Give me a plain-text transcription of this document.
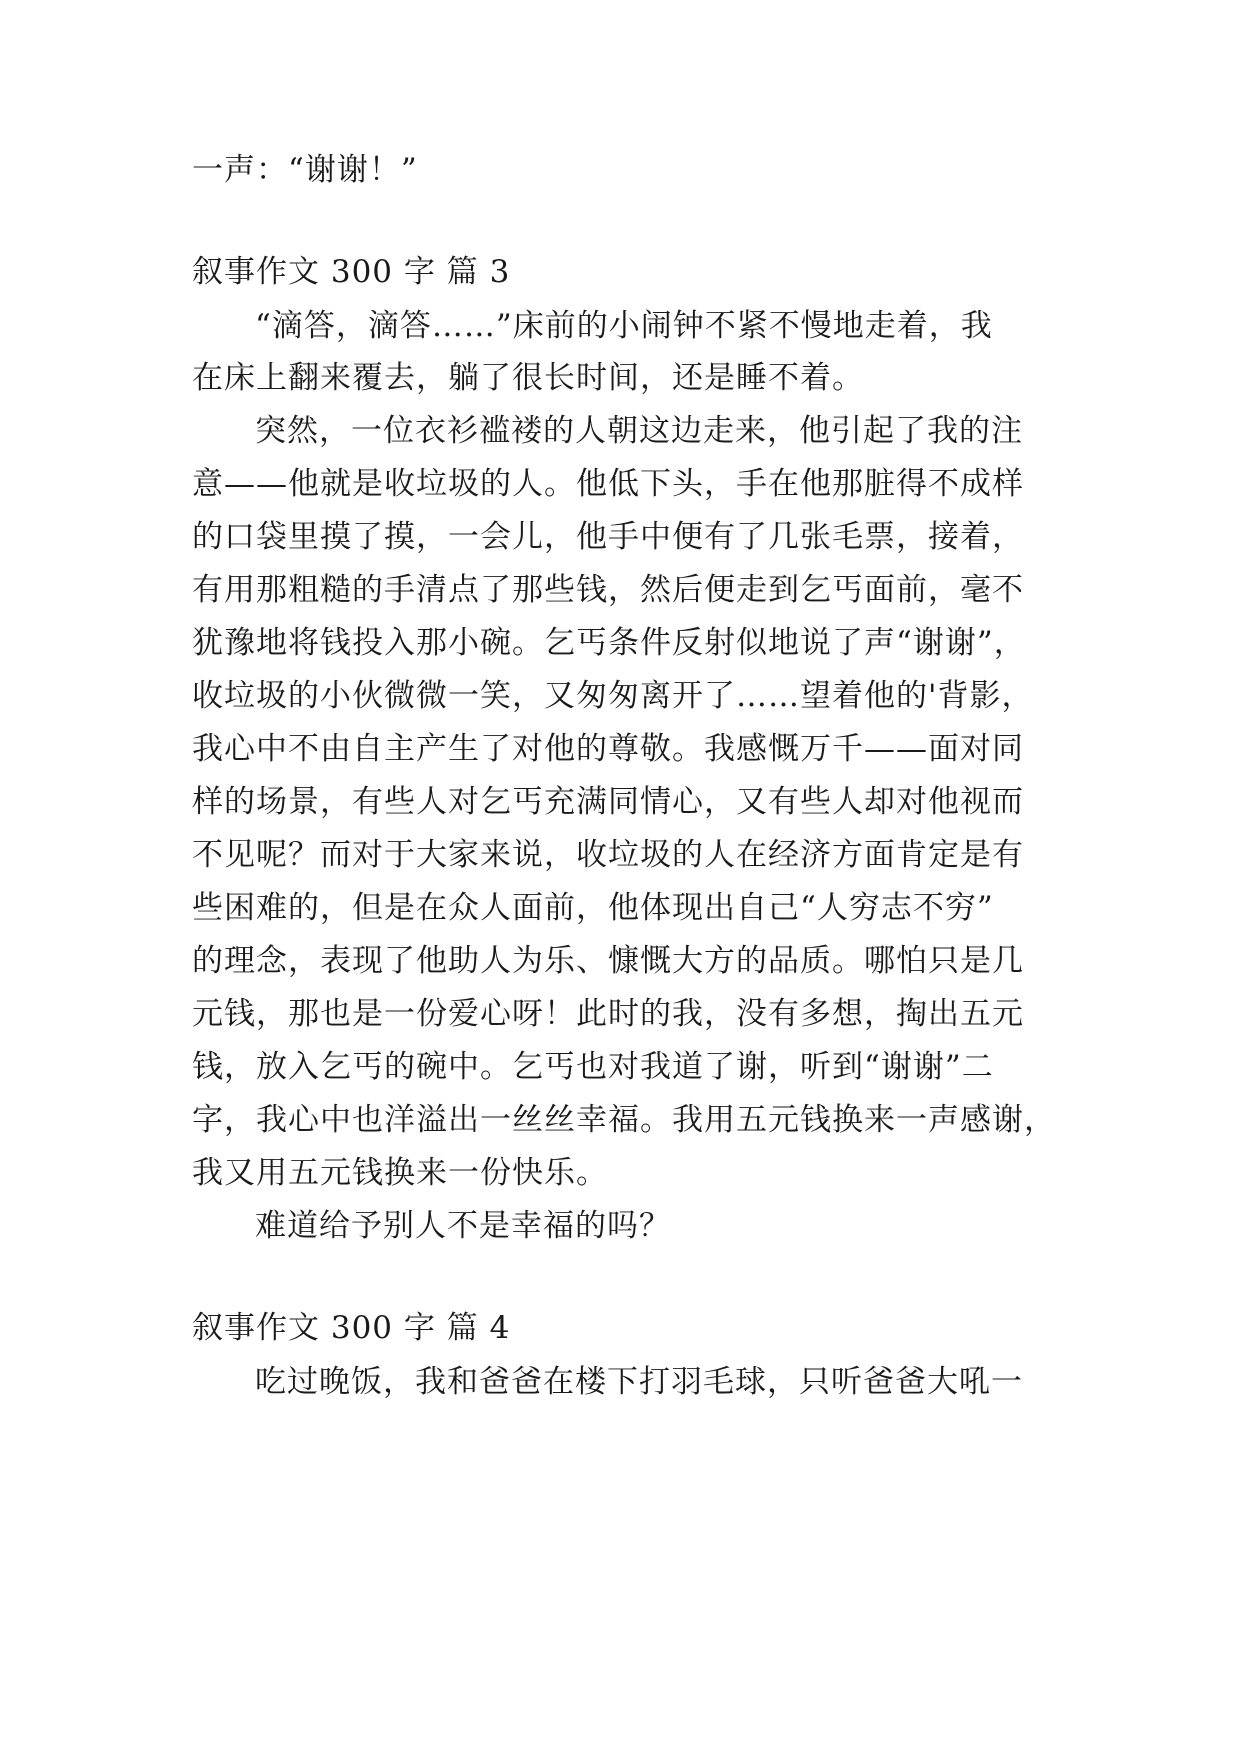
一声：“谢谢！”
叙事作文 300 字 篇 3
“滴答，滴答……”床前的小闹钟不紧不慢地走着，我
在床上翻来覆去，躺了很长时间，还是睡不着。
突然，一位衣衫褴褛的人朝这边走来，他引起了我的注
意——他就是收垃圾的人。他低下头，手在他那脏得不成样
的口袋里摸了摸，一会儿，他手中便有了几张毛票，接着，
有用那粗糙的手清点了那些钱，然后便走到乞丐面前，毫不
犹豫地将钱投入那小碗。乞丐条件反射似地说了声“谢谢”，
收垃圾的小伙微微一笑，又匆匆离开了……望着他的'背影，
我心中不由自主产生了对他的尊敬。我感慨万千——面对同
样的场景，有些人对乞丐充满同情心，又有些人却对他视而
不见呢？而对于大家来说，收垃圾的人在经济方面肯定是有
些困难的，但是在众人面前，他体现出自己“人穷志不穷”
的理念，表现了他助人为乐、慷慨大方的品质。哪怕只是几
元钱，那也是一份爱心呀！此时的我，没有多想，掏出五元
钱，放入乞丐的碗中。乞丐也对我道了谢，听到“谢谢”二
字，我心中也洋溢出一丝丝幸福。我用五元钱换来一声感谢，
我又用五元钱换来一份快乐。
难道给予别人不是幸福的吗？
叙事作文 300 字 篇 4
吃过晚饭，我和爸爸在楼下打羽毛球，只听爸爸大吼一
